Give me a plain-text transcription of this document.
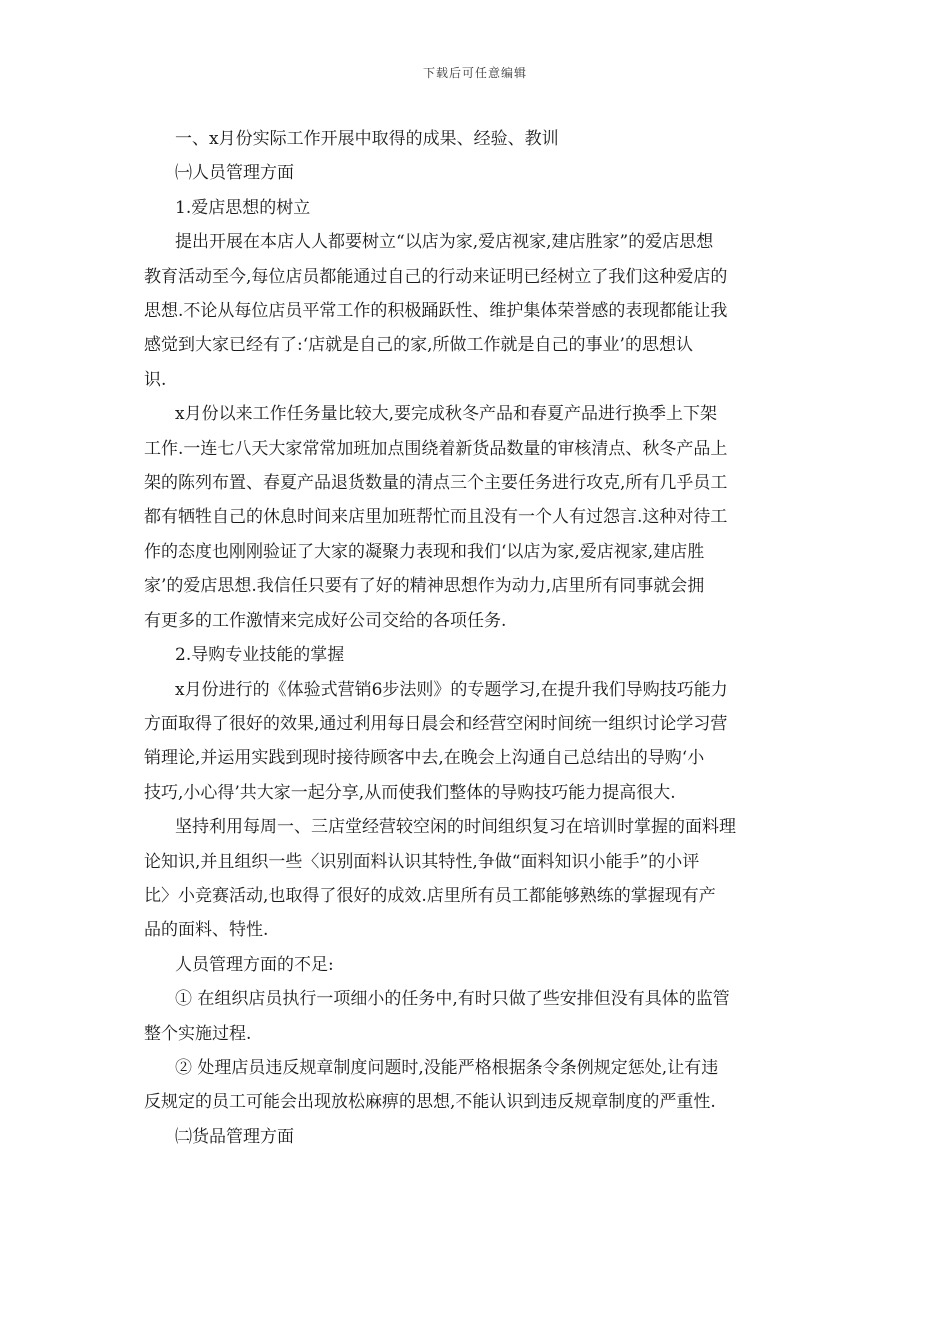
下载后可任意编辑
一、x月份实际工作开展中取得的成果、经验、教训
㈠人员管理方面
1.爱店思想的树立
提出开展在本店人人都要树立“以店为家,爱店视家,建店胜家”的爱店思想
教育活动至今,每位店员都能通过自己的行动来证明已经树立了我们这种爱店的
思想.不论从每位店员平常工作的积极踊跃性、维护集体荣誉感的表现都能让我
感觉到大家已经有了:‘店就是自己的家,所做工作就是自己的事业’的思想认
识.
x月份以来工作任务量比较大,要完成秋冬产品和春夏产品进行换季上下架
工作.一连七八天大家常常加班加点围绕着新货品数量的审核清点、秋冬产品上
架的陈列布置、春夏产品退货数量的清点三个主要任务进行攻克,所有几乎员工
都有牺牲自己的休息时间来店里加班帮忙而且没有一个人有过怨言.这种对待工
作的态度也刚刚验证了大家的凝聚力表现和我们‘以店为家,爱店视家,建店胜
家’的爱店思想.我信任只要有了好的精神思想作为动力,店里所有同事就会拥
有更多的工作激情来完成好公司交给的各项任务.
2.导购专业技能的掌握
x月份进行的《体验式营销6步法则》的专题学习,在提升我们导购技巧能力
方面取得了很好的效果,通过利用每日晨会和经营空闲时间统一组织讨论学习营
销理论,并运用实践到现时接待顾客中去,在晚会上沟通自己总结出的导购‘小
技巧,小心得’共大家一起分享,从而使我们整体的导购技巧能力提高很大.
坚持利用每周一、三店堂经营较空闲的时间组织复习在培训时掌握的面料理
论知识,并且组织一些〈识别面料认识其特性,争做“面料知识小能手”的小评
比〉小竞赛活动,也取得了很好的成效.店里所有员工都能够熟练的掌握现有产
品的面料、特性.
人员管理方面的不足:
① 在组织店员执行一项细小的任务中,有时只做了些安排但没有具体的监管
整个实施过程.
② 处理店员违反规章制度问题时,没能严格根据条令条例规定惩处,让有违
反规定的员工可能会出现放松麻痹的思想,不能认识到违反规章制度的严重性.
㈡货品管理方面
